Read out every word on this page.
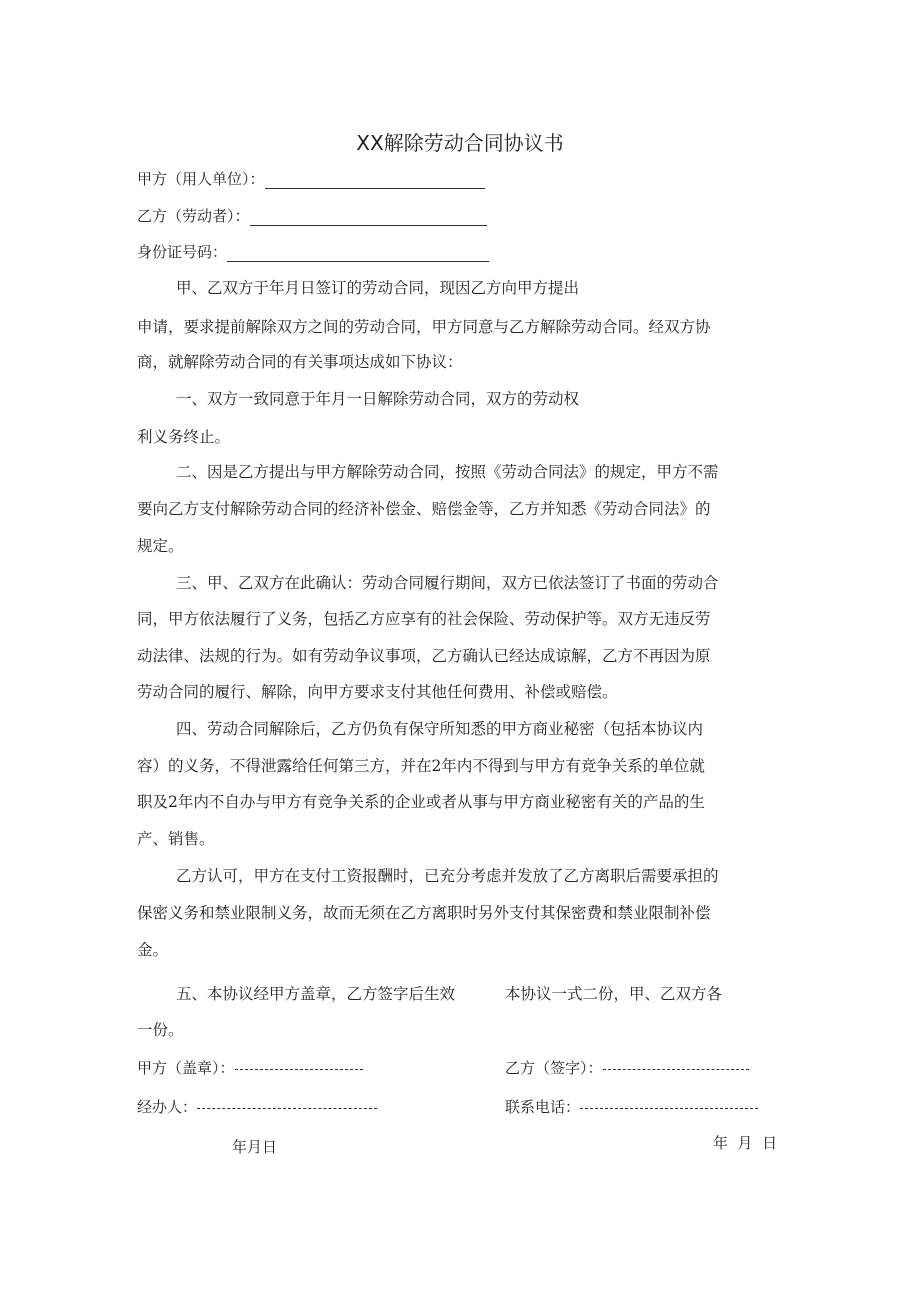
XX解除劳动合同协议书
甲方（用人单位）：
乙方（劳动者）：
身份证号码：
甲、乙双方于年月日签订的劳动合同，现因乙方向甲方提出
申请，要求提前解除双方之间的劳动合同，甲方同意与乙方解除劳动合同。经双方协
商，就解除劳动合同的有关事项达成如下协议：
一、双方一致同意于年月一日解除劳动合同，双方的劳动权
利义务终止。
二、因是乙方提出与甲方解除劳动合同，按照《劳动合同法》的规定，甲方不需
要向乙方支付解除劳动合同的经济补偿金、赔偿金等，乙方并知悉《劳动合同法》的
规定。
三、甲、乙双方在此确认：劳动合同履行期间，双方已依法签订了书面的劳动合
同，甲方依法履行了义务，包括乙方应享有的社会保险、劳动保护等。双方无违反劳
动法律、法规的行为。如有劳动争议事项，乙方确认已经达成谅解，乙方不再因为原
劳动合同的履行、解除，向甲方要求支付其他任何费用、补偿或赔偿。
四、劳动合同解除后，乙方仍负有保守所知悉的甲方商业秘密（包括本协议内
容）的义务，不得泄露给任何第三方，并在2年内不得到与甲方有竞争关系的单位就
职及2年内不自办与甲方有竞争关系的企业或者从事与甲方商业秘密有关的产品的生
产、销售。
乙方认可，甲方在支付工资报酬时，已充分考虑并发放了乙方离职后需要承担的
保密义务和禁业限制义务，故而无须在乙方离职时另外支付其保密费和禁业限制补偿
金。
五、本协议经甲方盖章，乙方签字后生效	本协议一式二份，甲、乙双方各
一份。
甲方（盖章）：	乙方（签字）：
经办人：	联系电话：
年月日	年  月  日
